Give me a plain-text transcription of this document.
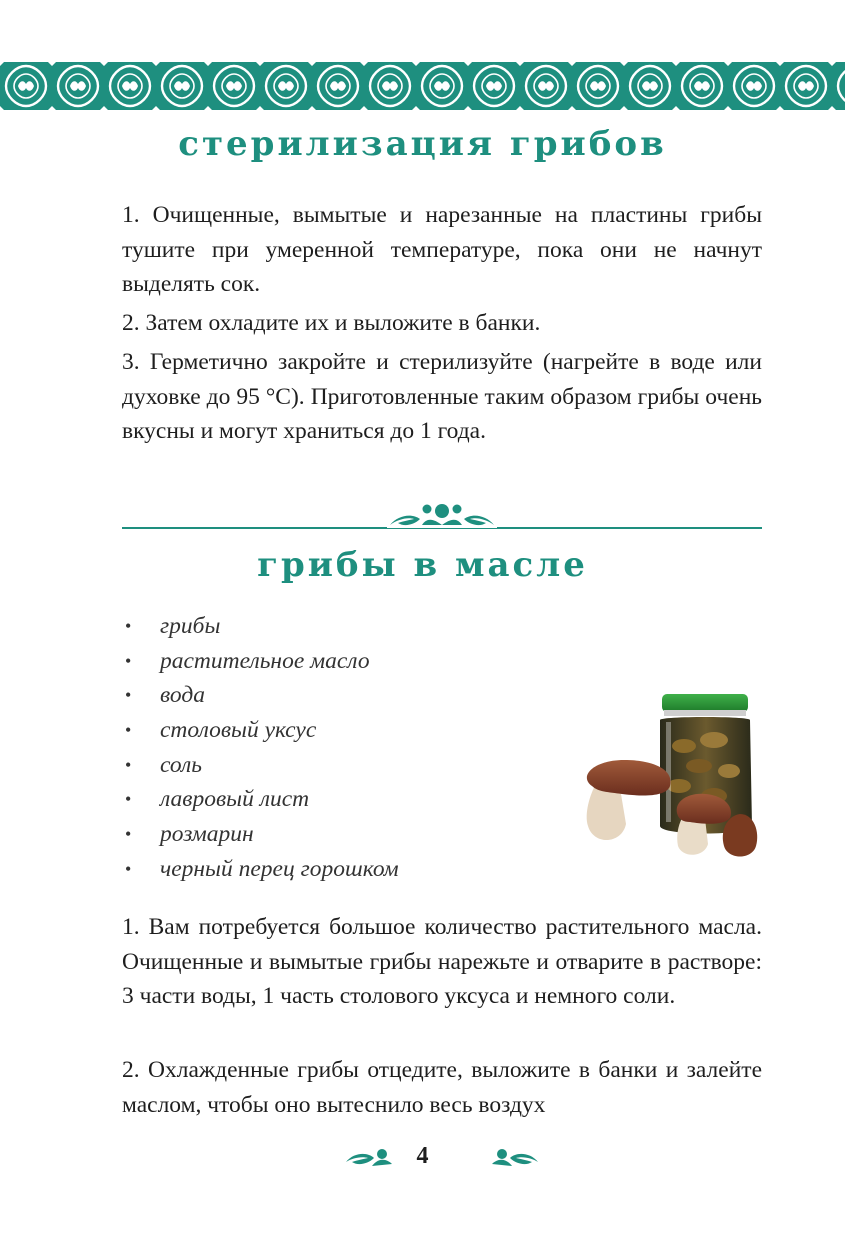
стерилизация грибов

1. Очищенные, вымытые и нарезанные на пластины грибы тушите при умеренной температуре, пока они не начнут выделять сок.

2. Затем охладите их и выложите в банки.

3. Герметично закройте и стерилизуйте (нагрейте в воде или духовке до 95 °С). Приготовленные таким образом грибы очень вкусны и могут храниться до 1 года.

грибы в масле
• грибы
• растительное масло
• вода
• столовый уксус
• соль
• лавровый лист
• розмарин
• черный перец горошком

1. Вам потребуется большое количество растительного масла. Очищенные и вымытые грибы нарежьте и отварите в растворе: 3 части воды, 1 часть столового уксуса и немного соли.

2. Охлажденные грибы отцедите, выложите в банки и залейте маслом, чтобы оно вытеснило весь воздух

4
